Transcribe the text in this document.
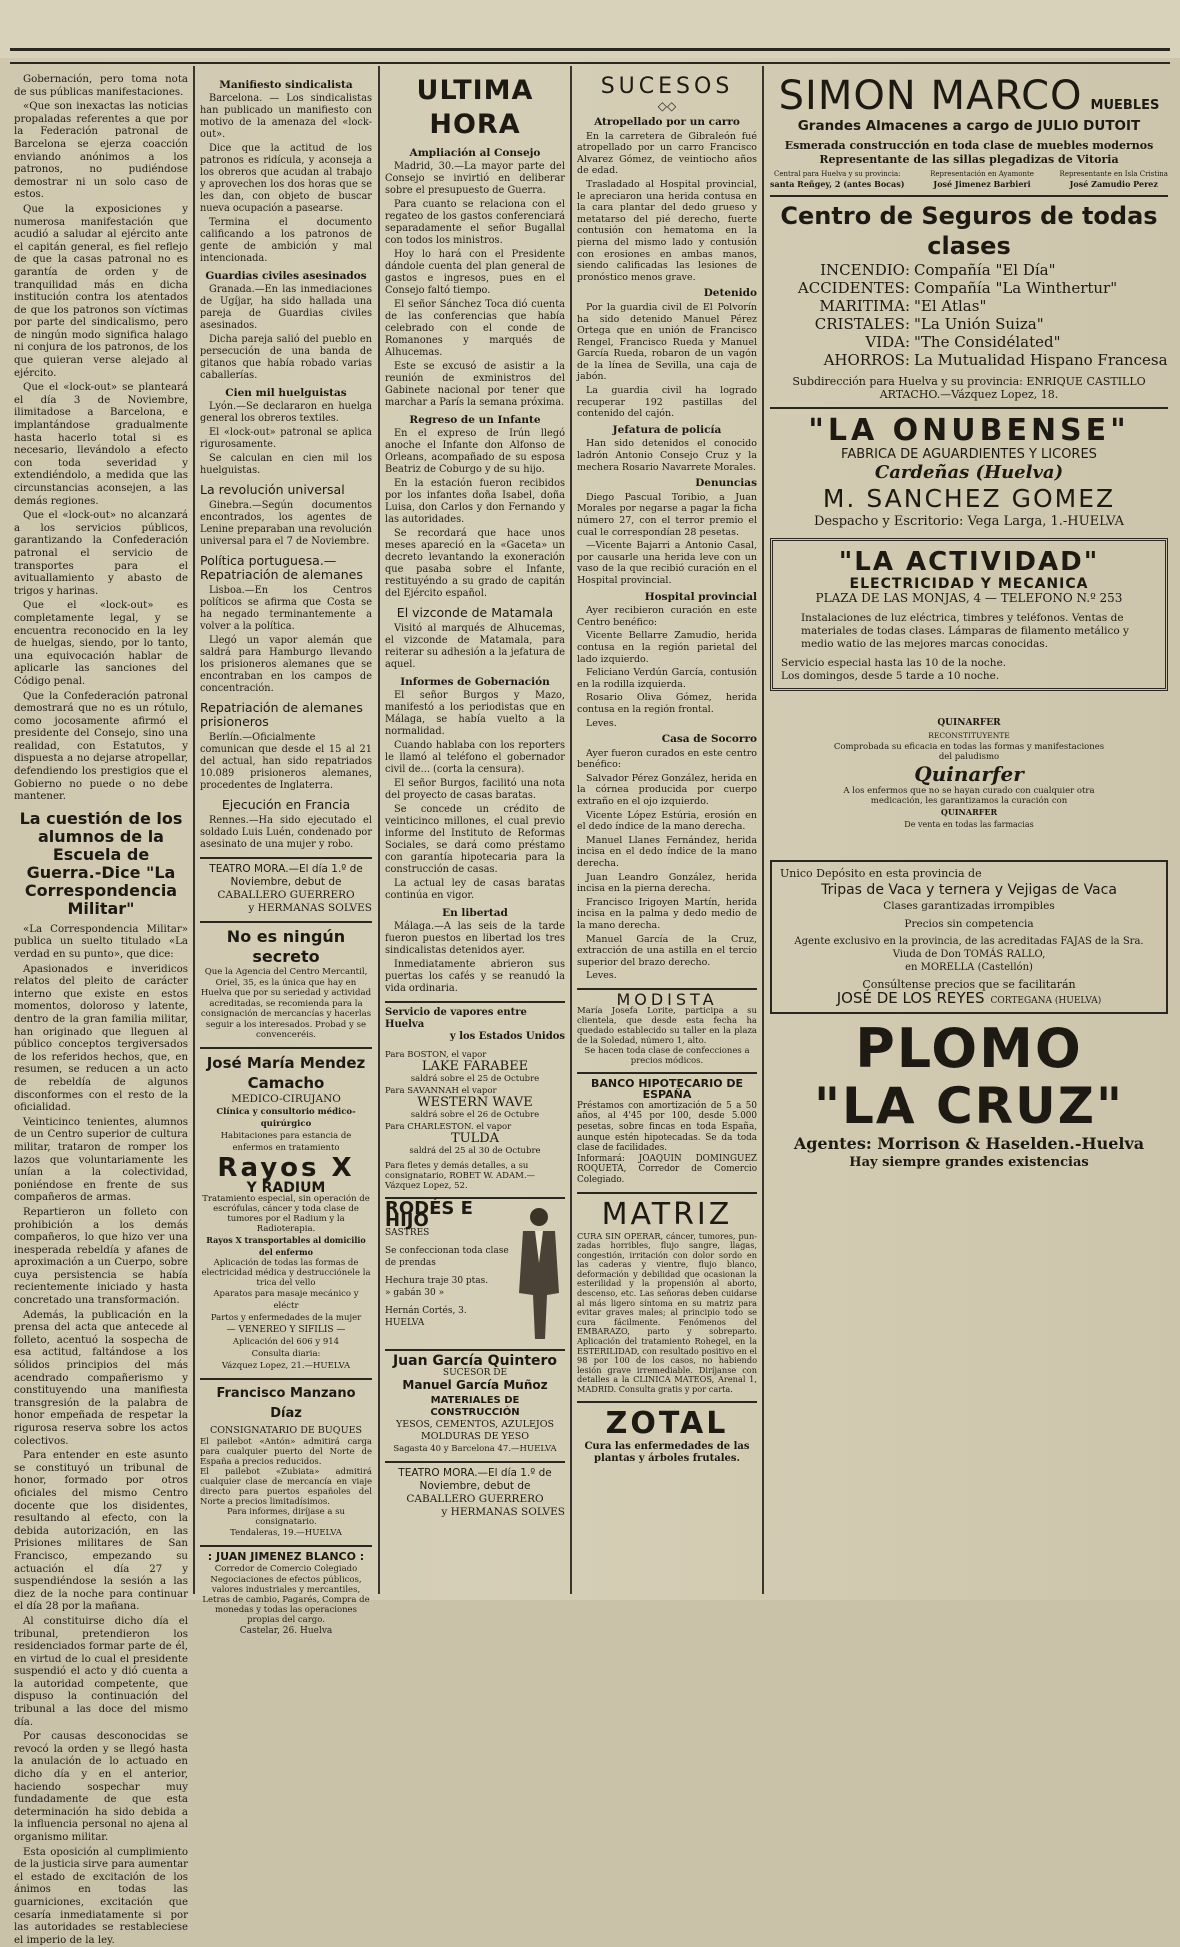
Gobernación, pero toma nota de sus públicas manifestaciones.

«Que son inexactas las noticias propaladas referentes a que por la Federación patronal de Barcelona se ejerza coacción enviando anónimos a los patronos, no pudiéndose demostrar ni un solo caso de estos.

Que la exposiciones y numerosa manifestación que acudió a saludar al ejército ante el capitán general, es fiel reflejo de que la casas patronal no es garantía de orden y de tranquilidad más en dicha institución contra los atentados de que los patronos son víctimas por parte del sindicalismo, pero de ningún modo significa halago ni conjura de los patronos, de los que quieran verse alejado al ejército.

Que el «lock-out» se planteará el día 3 de Noviembre, ilimitadose a Barcelona, e implantándose gradualmente hasta hacerlo total si es necesario, llevándolo a efecto con toda severidad y extendiéndolo, a medida que las circunstancias aconsejen, a las demás regiones.

Que el «lock-out» no alcanzará a los servicios públicos, garantizando la Confederación patronal el servicio de transportes para el avituallamiento y abasto de trigos y harinas.

Que el «lock-out» es completamente legal, y se encuentra reconocido en la ley de huelgas, siendo, por lo tanto, una equivocación hablar de aplicarle las sanciones del Código penal.

Que la Confederación patronal demostrará que no es un rótulo, como jocosamente afirmó el presidente del Consejo, sino una realidad, con Estatutos, y dispuesta a no dejarse atropellar, defendiendo los prestigios que el Gobierno no puede o no debe mantener.

La cuestión de los alumnos de la Escuela de Guerra.-Dice "La Correspondencia Militar"

«La Correspondencia Militar» publica un suelto titulado «La verdad en su punto», que dice:

Apasionados e inveridicos relatos del pleito de carácter interno que existe en estos momentos, doloroso y latente, dentro de la gran familia militar, han originado que lleguen al público conceptos tergiversados de los referidos hechos, que, en resumen, se reducen a un acto de rebeldía de algunos disconformes con el resto de la oficialidad.

Veinticinco tenientes, alumnos de un Centro superior de cultura militar, trataron de romper los lazos que voluntariamente les unían a la colectividad, poniéndose en frente de sus compañeros de armas.

Repartieron un folleto con prohibición a los demás compañeros, lo que hizo ver una inesperada rebeldía y afanes de aproximación a un Cuerpo, sobre cuya persistencia se había recientemente iniciado y hasta concretado una transformación.

Además, la publicación en la prensa del acta que antecede al folleto, acentuó la sospecha de esa actitud, faltándose a los sólidos principios del más acendrado compañerismo y constituyendo una manifiesta transgresión de la palabra de honor empeñada de respetar la rigurosa reserva sobre los actos colectivos.

Para entender en este asunto se constituyó un tribunal de honor, formado por otros oficiales del mismo Centro docente que los disidentes, resultando al efecto, con la debida autorización, en las Prisiones militares de San Francisco, empezando su actuación el día 27 y suspendiéndose la sesión a las diez de la noche para continuar el día 28 por la mañana.

Al constituirse dicho día el tribunal, pretendieron los residenciados formar parte de él, en virtud de lo cual el presidente suspendió el acto y dió cuenta a la autoridad competente, que dispuso la continuación del tribunal a las doce del mismo día.

Por causas desconocidas se revocó la orden y se llegó hasta la anulación de lo actuado en dicho día y en el anterior, haciendo sospechar muy fundadamente de que esta determinación ha sido debida a la influencia personal no ajena al organismo militar.

Esta oposición al cumplimiento de la justicia sirve para aumentar el estado de excitación de los ánimos en todas las guarniciones, excitación que cesaría inmediatamente si por las autoridades se restableciese el imperio de la ley.

Manifiesto sindicalista

Barcelona. — Los sindicalistas han publicado un manifiesto con motivo de la amenaza del «lock-out».

Dice que la actitud de los patronos es ridícula, y aconseja a los obreros que acudan al trabajo y aprovechen los dos horas que se les dan, con objeto de buscar nueva ocupación a pasearse.

Termina el documento calificando a los patronos de gente de ambición y mal intencionada.

Guardias civiles asesinados

Granada.—En las inmediaciones de Ugíjar, ha sido hallada una pareja de Guardias civiles asesinados.

Dicha pareja salió del pueblo en persecución de una banda de gitanos que había robado varias caballerías.

Cien mil huelguistas

Lyón.—Se declararon en huelga general los obreros textiles.

El «lock-out» patronal se aplica rigurosamente.

Se calculan en cien mil los huelguistas.

La revolución universal

Ginebra.—Según documentos encontrados, los agentes de Lenine preparaban una revolución universal para el 7 de Noviembre.

Política portuguesa.—Repatriación de alemanes

Lisboa.—En los Centros políticos se afirma que Costa se ha negado terminantemente a volver a la política.

Llegó un vapor alemán que saldrá para Hamburgo llevando los prisioneros alemanes que se encontraban en los campos de concentración.

Repatriación de alemanes prisioneros

Berlín.—Oficialmente comunican que desde el 15 al 21 del actual, han sido repatriados 10.089 prisioneros alemanes, procedentes de Inglaterra.

Ejecución en Francia

Rennes.—Ha sido ejecutado el soldado Luis Luén, condenado por asesinato de una mujer y robo.

TEATRO MORA.—El día 1.º de Noviembre, debut de
CABALLERO GUERRERO
y HERMANAS SOLVES
No es ningún secreto
Que la Agencia del Centro Mercantil, Oriel, 35, es la única que hay en Huelva que por su seriedad y actividad acreditadas, se recomienda para la consignación de mercancías y hacerlas seguir a los interesados. Probad y se convenceréis.
José María Mendez Camacho
MEDICO-CIRUJANO
Clínica y consultorio médico-quirúrgico
Habitaciones para estancia de enfermos en tratamiento
Rayos X
Y RADIUM
Tratamiento especial, sin operación de escrófulas, cáncer y toda clase de tumores por el Radium y la Radioterapia.
Rayos X transportables al domicilio del enfermo
Aplicación de todas las formas de electricidad médica y destrucciónele la trica del vello
Aparatos para masaje mecánico y eléctr
Partos y enfermedades de la mujer
— VENEREO Y SIFILIS —
Aplicación del 606 y 914
Consulta diaria:
Vázquez Lopez, 21.—HUELVA
Francisco Manzano Díaz
CONSIGNATARIO DE BUQUES
El pailebot «Antón» admitirá carga para cualquier puerto del Norte de España a precios reducidos.
El pailebot «Zubiata» admitirá cualquier clase de mercancía en viaje directo para puertos españoles del Norte a precios limitadísimos.
Para informes, diríjase a su consignatario.
Tendaleras, 19.—HUELVA
: JUAN JIMENEZ BLANCO :
Corredor de Comercio Colegiado
Negociaciones de efectos públicos, valores industriales y mercantiles, Letras de cambio, Pagarés, Compra de monedas y todas las operaciones propias del cargo.
Castelar, 26. Huelva
ULTIMA HORA
Ampliación al Consejo

Madrid, 30.—La mayor parte del Consejo se invirtió en deliberar sobre el presupuesto de Guerra.

Para cuanto se relaciona con el regateo de los gastos conferenciará separadamente el señor Bugallal con todos los ministros.

Hoy lo hará con el Presidente dándole cuenta del plan general de gastos e ingresos, pues en el Consejo faltó tiempo.

El señor Sánchez Toca dió cuenta de las conferencias que había celebrado con el conde de Romanones y marqués de Alhucemas.

Este se excusó de asistir a la reunión de exministros del Gabinete nacional por tener que marchar a París la semana próxima.

Regreso de un Infante

En el expreso de Irún llegó anoche el Infante don Alfonso de Orleans, acompañado de su esposa Beatriz de Coburgo y de su hijo.

En la estación fueron recibidos por los infantes doña Isabel, doña Luisa, don Carlos y don Fernando y las autoridades.

Se recordará que hace unos meses apareció en la «Gaceta» un decreto levantando la exoneración que pasaba sobre el Infante, restituyéndo a su grado de capitán del Ejército español.

El vizconde de Matamala

Visitó al marqués de Alhucemas, el vizconde de Matamala, para reiterar su adhesión a la jefatura de aquel.

Informes de Gobernación

El señor Burgos y Mazo, manifestó a los periodistas que en Málaga, se había vuelto a la normalidad.

Cuando hablaba con los reporters le llamó al teléfono el gobernador civil de... (corta la censura).

El señor Burgos, facilitó una nota del proyecto de casas baratas.

Se concede un crédito de veinticinco millones, el cual previo informe del Instituto de Reformas Sociales, se dará como préstamo con garantía hipotecaria para la construcción de casas.

La actual ley de casas baratas continúa en vigor.

En libertad

Málaga.—A las seis de la tarde fueron puestos en libertad los tres sindicalistas detenidos ayer.

Inmediatamente abrieron sus puertas los cafés y se reanudó la vida ordinaria.

Servicio de vapores entre Huelva
y los Estados Unidos
Para BOSTON, el vapor
LAKE FARABEE
saldrá sobre el 25 de Octubre
Para SAVANNAH el vapor
WESTERN WAVE
saldrá sobre el 26 de Octubre
Para CHARLESTON. el vapor
TULDA
saldrá del 25 al 30 de Octubre
Para fletes y demás detalles, a su consignatario, ROBET W. ADAM.—Vázquez Lopez, 52.
RODÉS E HIJO
SASTRES
Se confeccionan toda clase de prendas
Hechura traje 30 ptas.
» gabán 30 »
Hernán Cortés, 3.
HUELVA
Juan García Quintero
SUCESOR DE
Manuel García Muñoz
MATERIALES DE CONSTRUCCIÓN
YESOS, CEMENTOS, AZULEJOS
MOLDURAS DE YESO
Sagasta 40 y Barcelona 47.—HUELVA
TEATRO MORA.—El día 1.º de Noviembre, debut de
CABALLERO GUERRERO
y HERMANAS SOLVES
SUCESOS
◇◇
Atropellado por un carro

En la carretera de Gibraleón fué atropellado por un carro Francisco Alvarez Gómez, de veintiocho años de edad.

Trasladado al Hospital provincial, le apreciaron una herida contusa en la cara plantar del dedo grueso y metatarso del pié derecho, fuerte contusión con hematoma en la pierna del mismo lado y contusión con erosiones en ambas manos, siendo calificadas las lesiones de pronóstico menos grave.

Detenido

Por la guardia civil de El Polvorín ha sido detenido Manuel Pérez Ortega que en unión de Francisco Rengel, Francisco Rueda y Manuel García Rueda, robaron de un vagón de la línea de Sevilla, una caja de jabón.

La guardia civil ha logrado recuperar 192 pastillas del contenido del cajón.

Jefatura de policía

Han sido detenidos el conocido ladrón Antonio Consejo Cruz y la mechera Rosario Navarrete Morales.

Denuncias

Diego Pascual Toribio, a Juan Morales por negarse a pagar la ficha número 27, con el terror premio el cual le correspondían 28 pesetas.

—Vicente Bajarri a Antonio Casal, por causarle una herida leve con un vaso de la que recibió curación en el Hospital provincial.

Hospital provincial

Ayer recibieron curación en este Centro benéfico:

Vicente Bellarre Zamudio, herida contusa en la región parietal del lado izquierdo.

Feliciano Verdún García, contusión en la rodilla izquierda.

Rosario Oliva Gómez, herida contusa en la región frontal.

Leves.

Casa de Socorro

Ayer fueron curados en este centro benéfico:

Salvador Pérez González, herida en la córnea producida por cuerpo extraño en el ojo izquierdo.

Vicente López Estúria, erosión en el dedo índice de la mano derecha.

Manuel Llanes Fernández, herida incisa en el dedo índice de la mano derecha.

Juan Leandro González, herida incisa en la pierna derecha.

Francisco Irigoyen Martín, herida incisa en la palma y dedo medio de la mano derecha.

Manuel García de la Cruz, extracción de una astilla en el tercio superior del brazo derecho.

Leves.

MODISTA
María Josefa Lorite, participa a su clientela, que desde esta fecha ha quedado establecido su taller en la plaza de la Soledad, número 1, alto.
Se hacen toda clase de confecciones a precios módicos.
BANCO HIPOTECARIO DE ESPAÑA
Préstamos con amortización de 5 a 50 años, al 4'45 por 100, desde 5.000 pesetas, sobre fincas en toda España, aunque estén hipotecadas. Se da toda clase de facilidades.
Informará: JOAQUIN DOMINGUEZ ROQUETA, Corredor de Comercio Colegiado.
MATRIZ
CURA SIN OPERAR, cáncer, tumores, punzadas horribles, flujo sangre, llagas, congestión, irritación con dolor sordo en las caderas y vientre, flujo blanco, deformación y debilidad que ocasionan la esterilidad y la propensión al aborto, descenso, etc. Las señoras deben cuidarse al más ligero síntoma en su matriz para evitar graves males; al principio todo se cura fácilmente. Fenómenos del EMBARAZO, parto y sobreparto. Aplicación del tratamiento Rohegel, en la ESTERILIDAD, con resultado positivo en el 98 por 100 de los casos, no habiendo lesión grave irremediable. Diríjanse con detalles a la CLINICA MATEOS, Arenal 1, MADRID. Consulta gratis y por carta.
ZOTAL
Cura las enfermedades de las plantas y árboles frutales.
SIMON MARCO MUEBLES
Grandes Almacenes a cargo de JULIO DUTOIT
Esmerada construcción en toda clase de muebles modernos
Representante de las sillas plegadizas de Vitoria
Central para Huelva y su provincia:
santa Reñgey, 2 (antes Bocas)
Representación en Ayamonte
José Jimenez Barbieri
Representante en Isla Cristina
José Zamudio Perez
Centro de Seguros de todas clases
INCENDIO: Compañía "El Día"
ACCIDENTES: Compañía "La Winthertur"
MARITIMA: "El Atlas"
CRISTALES: "La Unión Suiza"
VIDA: "The Considélated"
AHORROS: La Mutualidad Hispano Francesa
Subdirección para Huelva y su provincia: ENRIQUE CASTILLO ARTACHO.—Vázquez Lopez, 18.
"LA ONUBENSE"
FABRICA DE AGUARDIENTES Y LICORES
Cardeñas (Huelva)
M. SANCHEZ GOMEZ
Despacho y Escritorio: Vega Larga, 1.-HUELVA
"LA ACTIVIDAD"
ELECTRICIDAD Y MECANICA
PLAZA DE LAS MONJAS, 4 — TELEFONO N.º 253
Instalaciones de luz eléctrica, timbres y teléfonos. Ventas de materiales de todas clases. Lámparas de filamento metálico y medio watio de las mejores marcas conocidas.
Servicio especial hasta las 10 de la noche.
Los domingos, desde 5 tarde a 10 noche.
QUINARFER
RECONSTITUYENTE
Comprobada su eficacia en todas las formas y manifestaciones del paludismo
Quinarfer
A los enfermos que no se hayan curado con cualquier otra medicación, les garantizamos la curación con
QUINARFER
De venta en todas las farmacias
Unico Depósito en esta provincia de
Tripas de Vaca y ternera y Vejigas de Vaca
Clases garantizadas irrompibles
Precios sin competencia
Agente exclusivo en la provincia, de las acreditadas FAJAS de la Sra. Viuda de Don TOMÁS RALLO,
en MORELLA (Castellón)
Consúltense precios que se facilitarán
JOSÉ DE LOS REYES CORTEGANA (HUELVA)
PLOMO
"LA CRUZ"
Agentes: Morrison & Haselden.-Huelva
Hay siempre grandes existencias
